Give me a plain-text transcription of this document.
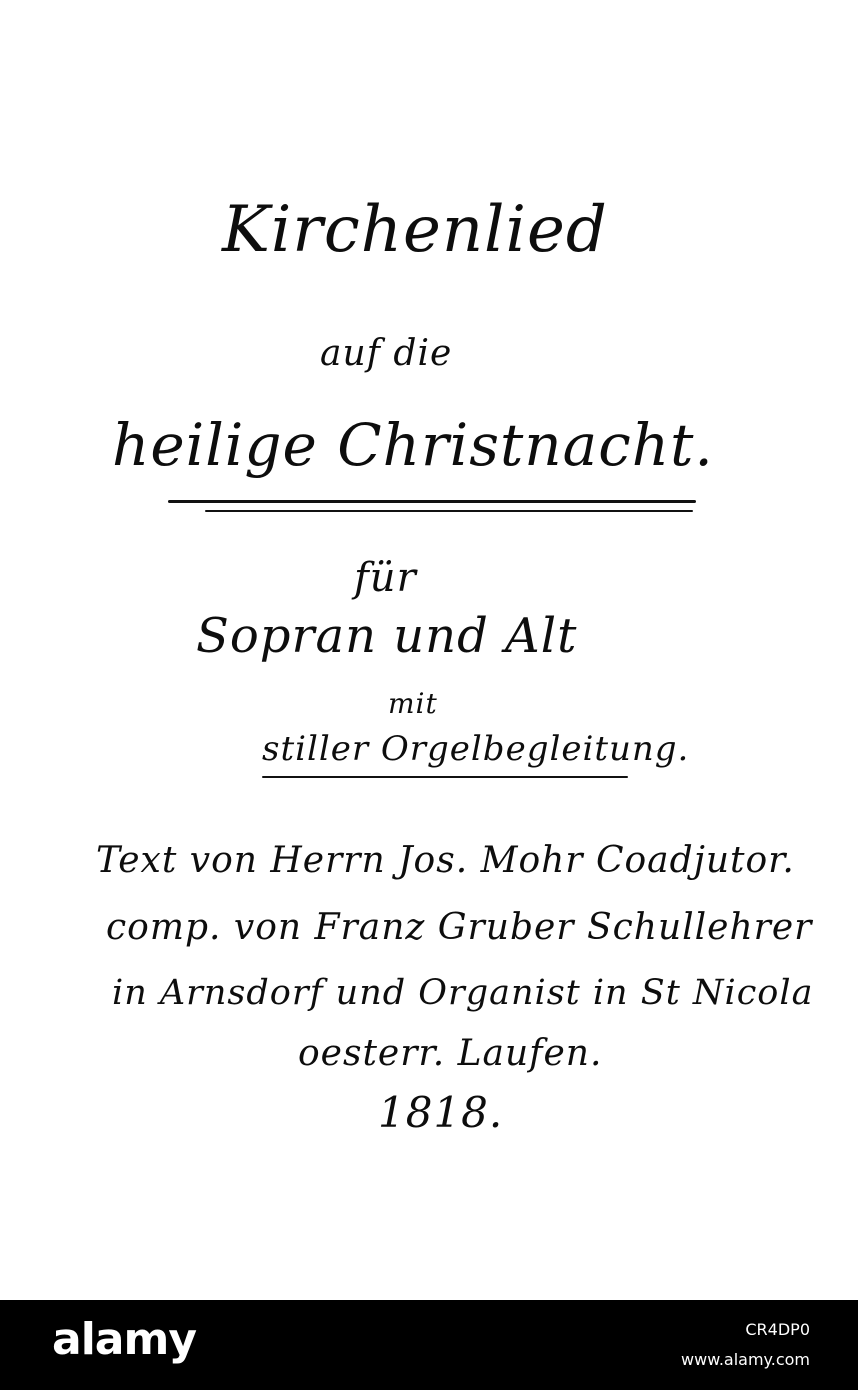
Kirchenlied
auf die
heilige Christnacht.
für
Sopran und Alt
mit
stiller Orgelbegleitung.
Text von Herrn Jos. Mohr Coadjutor.
comp. von Franz Gruber Schullehrer
in Arnsdorf und Organist in St Nicola
oesterr. Laufen.
1818.
alamy	CR4DP0
www.alamy.com
